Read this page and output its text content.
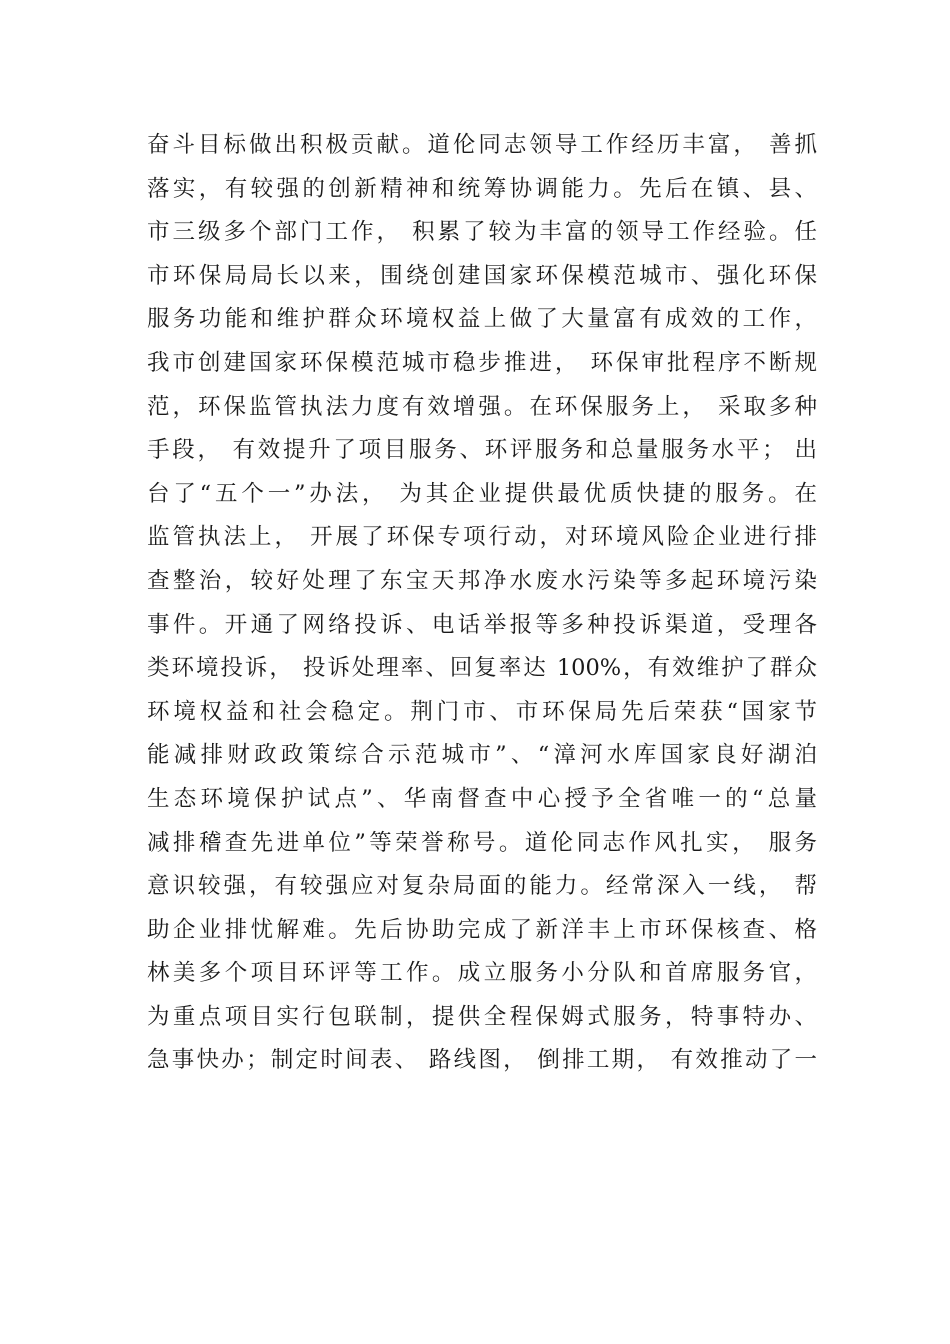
奋斗目标做出积极贡献。道伦同志领导工作经历丰富， 善抓
落实，有较强的创新精神和统筹协调能力。先后在镇、县、
市三级多个部门工作， 积累了较为丰富的领导工作经验。任
市环保局局长以来，围绕创建国家环保模范城市、强化环保
服务功能和维护群众环境权益上做了大量富有成效的工作，
我市创建国家环保模范城市稳步推进， 环保审批程序不断规
范，环保监管执法力度有效增强。在环保服务上， 采取多种
手段， 有效提升了项目服务、环评服务和总量服务水平； 出
台了“五个一”办法， 为其企业提供最优质快捷的服务。在
监管执法上， 开展了环保专项行动，对环境风险企业进行排
查整治，较好处理了东宝天邦净水废水污染等多起环境污染
事件。开通了网络投诉、电话举报等多种投诉渠道，受理各
类环境投诉， 投诉处理率、回复率达 100%，有效维护了群众
环境权益和社会稳定。荆门市、市环保局先后荣获“国家节
能减排财政政策综合示范城市”、“漳河水库国家良好湖泊
生态环境保护试点”、华南督查中心授予全省唯一的“总量
减排稽查先进单位”等荣誉称号。道伦同志作风扎实， 服务
意识较强，有较强应对复杂局面的能力。经常深入一线， 帮
助企业排忧解难。先后协助完成了新洋丰上市环保核查、格
林美多个项目环评等工作。成立服务小分队和首席服务官，
为重点项目实行包联制，提供全程保姆式服务，特事特办、
急事快办；制定时间表、 路线图， 倒排工期， 有效推动了一
